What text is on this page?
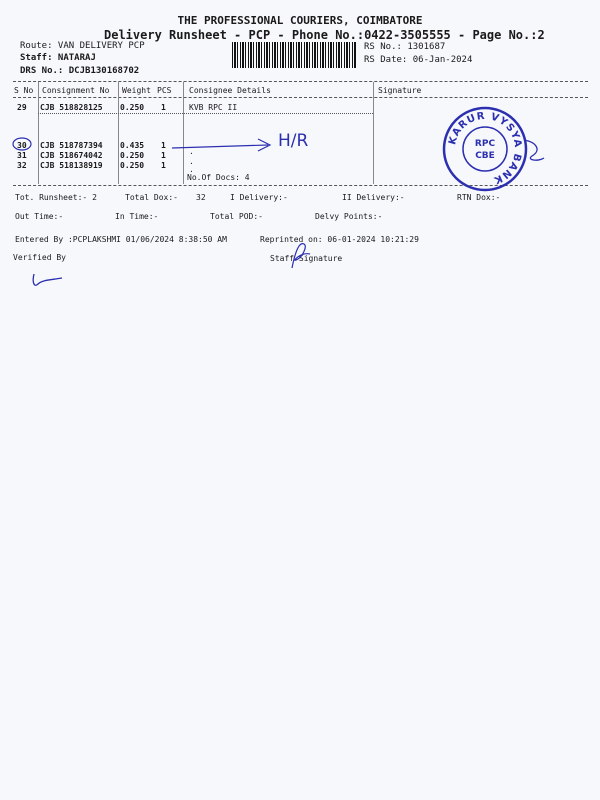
THE PROFESSIONAL COURIERS, COIMBATORE
Delivery Runsheet - PCP - Phone No.:0422-3505555 - Page No.:2
Route: VAN DELIVERY PCP
Staff: NATARAJ
DRS No.: DCJB130168702
RS No.: 1301687
RS Date: 06-Jan-2024
S No Consignment No Weight PCS Consignee Details	Signature
29 CJB 518828125 0.250 1	KVB RPC II
30 CJB 518787394 0.435 1
.
31 CJB 518674042 0.250 1
.
32 CJB 518138919 0.250 1	.
No.Of Docs: 4
Tot. Runsheet:- 2	Total Dox:- 32	I Delivery:-	II Delivery:-	RTN Dox:-
Out Time:-	In Time:-	Total POD:-	Delvy Points:-
Entered By :PCPLAKSHMI 01/06/2024 8:38:50 AM	Reprinted on: 06-01-2024 10:21:29
Verified By	Staff Signature
H/R	KARUR VYSYA BANK
RPC
CBE
